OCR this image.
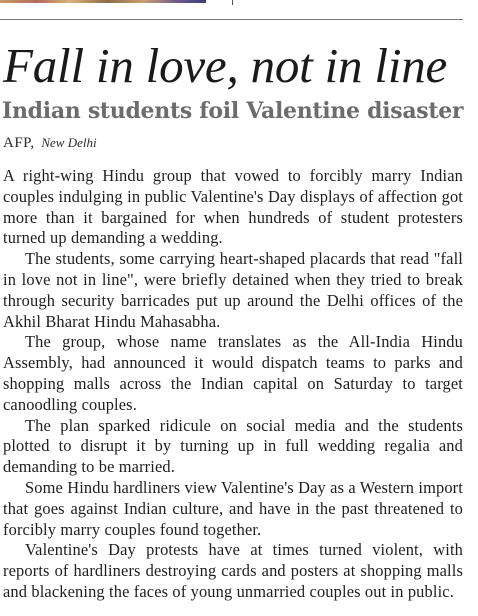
Fall in love, not in line
Indian students foil Valentine disaster
AFP, New Delhi

A right-wing Hindu group that vowed to forcibly marry Indian couples indulging in public Valentine's Day displays of affection got more than it bargained for when hundreds of student protesters turned up demanding a wedding.

The students, some carrying heart-shaped placards that read "fall in love not in line", were briefly detained when they tried to break through security barricades put up around the Delhi offices of the Akhil Bharat Hindu Mahasabha.

The group, whose name translates as the All-India Hindu Assembly, had announced it would dispatch teams to parks and shopping malls across the Indian capital on Saturday to target canoodling couples.

The plan sparked ridicule on social media and the students plotted to disrupt it by turning up in full wedding regalia and demanding to be married.

Some Hindu hardliners view Valentine's Day as a Western import that goes against Indian culture, and have in the past threatened to forcibly marry couples found together.

Valentine's Day protests have at times turned violent, with reports of hardliners destroying cards and posters at shopping malls and blackening the faces of young unmarried couples out in public.
